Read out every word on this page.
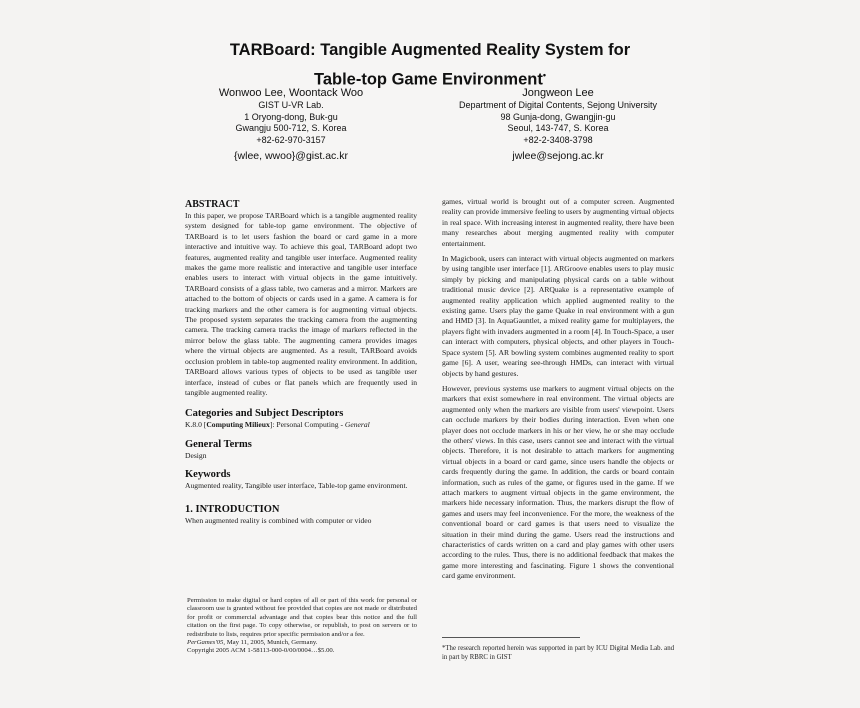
TARBoard: Tangible Augmented Reality System for
Table-top Game Environment•
Wonwoo Lee, Woontack Woo
GIST U-VR Lab.
1 Oryong-dong, Buk-gu
Gwangju 500-712, S. Korea
+82-62-970-3157
{wlee, wwoo}@gist.ac.kr
Jongweon Lee
Department of Digital Contents, Sejong University
98 Gunja-dong, Gwangjin-gu
Seoul, 143-747, S. Korea
+82-2-3408-3798
jwlee@sejong.ac.kr
ABSTRACT

In this paper, we propose TARBoard which is a tangible augmented reality system designed for table-top game environment. The objective of TARBoard is to let users fashion the board or card game in a more interactive and intuitive way. To achieve this goal, TARBoard adopt two features, augmented reality and tangible user interface. Augmented reality makes the game more realistic and interactive and tangible user interface enables users to interact with virtual objects in the game intuitively. TARBoard consists of a glass table, two cameras and a mirror. Markers are attached to the bottom of objects or cards used in a game. A camera is for tracking markers and the other camera is for augmenting virtual objects. The proposed system separates the tracking camera from the augmenting camera. The tracking camera tracks the image of markers reflected in the mirror below the glass table. The augmenting camera provides images where the virtual objects are augmented. As a result, TARBoard avoids occlusion problem in table-top augmented reality environment. In addition, TARBoard allows various types of objects to be used as tangible user interface, instead of cubes or flat panels which are frequently used in tangible augmented reality.

Categories and Subject Descriptors

K.8.0 [Computing Milieux]: Personal Computing - General

General Terms

Design

Keywords

Augmented reality, Tangible user interface, Table-top game environment.

1. INTRODUCTION

When augmented reality is combined with computer or video

Permission to make digital or hard copies of all or part of this work for personal or classroom use is granted without fee provided that copies are not made or distributed for profit or commercial advantage and that copies bear this notice and the full citation on the first page. To copy otherwise, or republish, to post on servers or to redistribute to lists, requires prior specific permission and/or a fee.
PerGames'05, May 11, 2005, Munich, Germany.
Copyright 2005 ACM 1-58113-000-0/00/0004…$5.00.

games, virtual world is brought out of a computer screen. Augmented reality can provide immersive feeling to users by augmenting virtual objects in real space. With increasing interest in augmented reality, there have been many researches about merging augmented reality with computer entertainment.

In Magicbook, users can interact with virtual objects augmented on markers by using tangible user interface [1]. ARGroove enables users to play music simply by picking and manipulating physical cards on a table without traditional music device [2]. ARQuake is a representative example of augmented reality application which applied augmented reality to the existing game. Users play the game Quake in real environment with a gun and HMD [3]. In AquaGauntlet, a mixed reality game for multiplayers, the players fight with invaders augmented in a room [4]. In Touch-Space, a user can interact with computers, physical objects, and other players in Touch-Space system [5]. AR bowling system combines augmented reality to sport game [6]. A user, wearing see-through HMDs, can interact with virtual objects by hand gestures.

However, previous systems use markers to augment virtual objects on the markers that exist somewhere in real environment. The virtual objects are augmented only when the markers are visible from users' viewpoint. Users can occlude markers by their bodies during interaction. Even when one player does not occlude markers in his or her view, he or she may occlude the others' views. In this case, users cannot see and interact with the virtual objects. Therefore, it is not desirable to attach markers for augmenting virtual objects in a board or card game, since users handle the objects or cards frequently during the game. In addition, the cards or board contain information, such as rules of the game, or figures used in the game. If we attach markers to augment virtual objects in the game environment, the markers hide necessary information. Thus, the markers disrupt the flow of games and users may feel inconvenience. For the more, the weakness of the conventional board or card games is that users need to visualize the situation in their mind during the game. Users read the instructions and characteristics of cards written on a card and play games with other users according to the rules. Thus, there is no additional feedback that makes the game more interesting and fascinating. Figure 1 shows the conventional card game environment.

*The research reported herein was supported in part by ICU Digital Media Lab. and in part by RBRC in GIST
